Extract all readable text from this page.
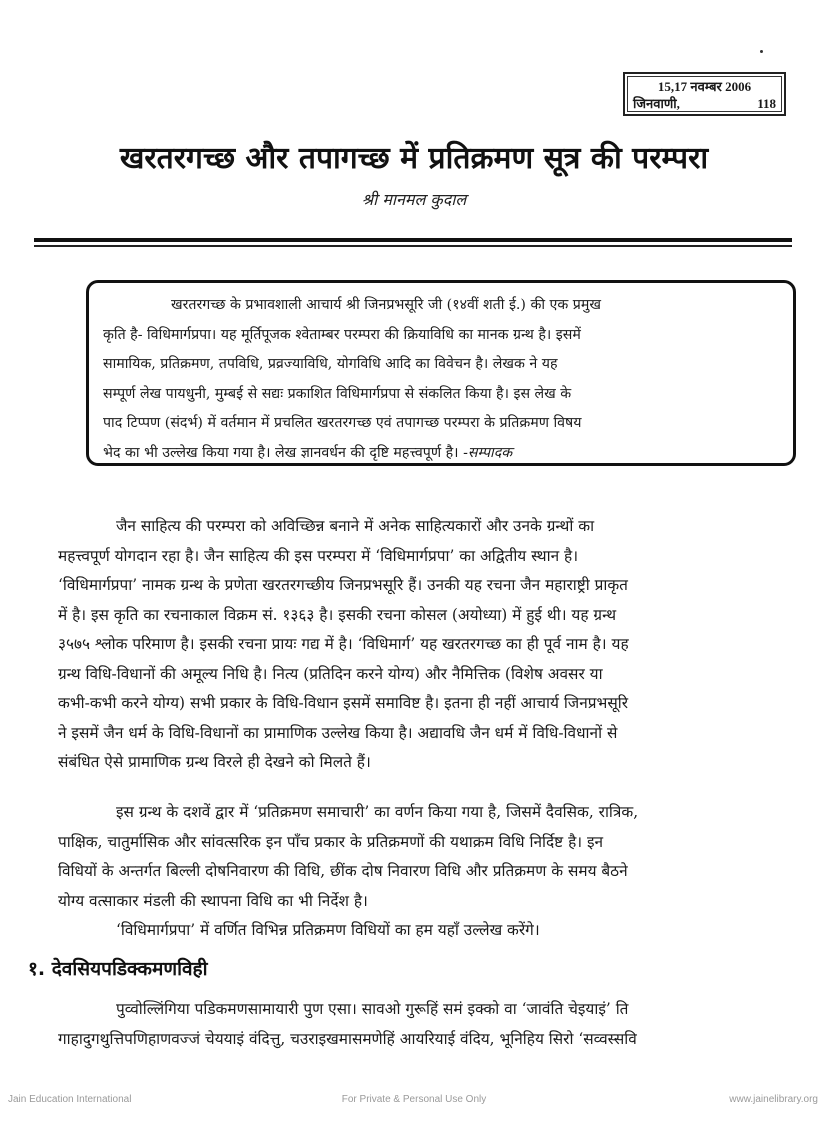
15,17 नवम्बर 2006
जिनवाणी,	118
खरतरगच्छ और तपागच्छ में प्रतिक्रमण सूत्र की परम्परा
श्री मानमल कुदाल
खरतरगच्छ के प्रभावशाली आचार्य श्री जिनप्रभसूरि जी (१४वीं शती ई.) की एक प्रमुख
कृति है- विधिमार्गप्रपा। यह मूर्तिपूजक श्वेताम्बर परम्परा की क्रियाविधि का मानक ग्रन्थ है। इसमें
सामायिक, प्रतिक्रमण, तपविधि, प्रव्रज्याविधि, योगविधि आदि का विवेचन है। लेखक ने यह
सम्पूर्ण लेख पायधुनी, मुम्बई से सद्यः प्रकाशित विधिमार्गप्रपा से संकलित किया है। इस लेख के
पाद टिप्पण (संदर्भ) में वर्तमान में प्रचलित खरतरगच्छ एवं तपागच्छ परम्परा के प्रतिक्रमण विषय
भेद का भी उल्लेख किया गया है। लेख ज्ञानवर्धन की दृष्टि महत्त्वपूर्ण है। -सम्पादक
जैन साहित्य की परम्परा को अविच्छिन्न बनाने में अनेक साहित्यकारों और उनके ग्रन्थों का
महत्त्वपूर्ण योगदान रहा है। जैन साहित्य की इस परम्परा में ‘विधिमार्गप्रपा’ का अद्वितीय स्थान है।
‘विधिमार्गप्रपा’ नामक ग्रन्थ के प्रणेता खरतरगच्छीय जिनप्रभसूरि हैं। उनकी यह रचना जैन महाराष्ट्री प्राकृत
में है। इस कृति का रचनाकाल विक्रम सं. १३६३ है। इसकी रचना कोसल (अयोध्या) में हुई थी। यह ग्रन्थ
३५७५ श्लोक परिमाण है। इसकी रचना प्रायः गद्य में है। ‘विधिमार्ग’ यह खरतरगच्छ का ही पूर्व नाम है। यह
ग्रन्थ विधि-विधानों की अमूल्य निधि है। नित्य (प्रतिदिन करने योग्य) और नैमित्तिक (विशेष अवसर या
कभी-कभी करने योग्य) सभी प्रकार के विधि-विधान इसमें समाविष्ट है। इतना ही नहीं आचार्य जिनप्रभसूरि
ने इसमें जैन धर्म के विधि-विधानों का प्रामाणिक उल्लेख किया है। अद्यावधि जैन धर्म में विधि-विधानों से
संबंधित ऐसे प्रामाणिक ग्रन्थ विरले ही देखने को मिलते हैं।
इस ग्रन्थ के दशवें द्वार में ‘प्रतिक्रमण समाचारी’ का वर्णन किया गया है, जिसमें दैवसिक, रात्रिक,
पाक्षिक, चातुर्मासिक और सांवत्सरिक इन पाँच प्रकार के प्रतिक्रमणों की यथाक्रम विधि निर्दिष्ट है। इन
विधियों के अन्तर्गत बिल्ली दोषनिवारण की विधि, छींक दोष निवारण विधि और प्रतिक्रमण के समय बैठने
योग्य वत्साकार मंडली की स्थापना विधि का भी निर्देश है।
‘विधिमार्गप्रपा’ में वर्णित विभिन्न प्रतिक्रमण विधियों का हम यहाँ उल्लेख करेंगे।
१. देवसियपडिक्कमणविही
पुव्वोल्लिंगिया पडिकमणसामायारी पुण एसा। सावओ गुरूहिं समं इक्को वा ‘जावंति चेइयाइं’ ति
गाहादुगथुत्तिपणिहाणवज्जं चेययाइं वंदित्तु, चउराइखमासमणेहिं आयरियाई वंदिय, भूनिहिय सिरो ‘सव्वस्सवि
Jain Education International	For Private & Personal Use Only	www.jainelibrary.org
